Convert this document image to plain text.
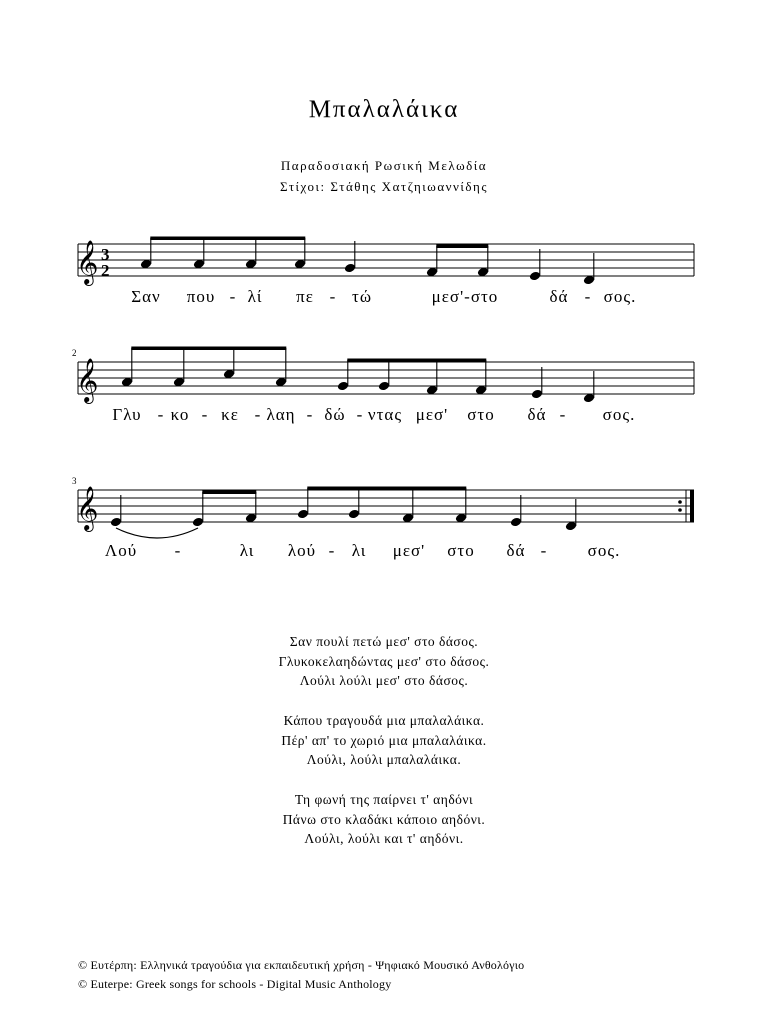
Μπαλαλάικα
Παραδοσιακή Ρωσική Μελωδία
Στίχοι: Στάθης Χατζηιωαννίδης
𝄞 3
2
Σαν που - λί πε - τώ	μεσ'-στο	δά - σος.
2
𝄞
Γλυ - κο - κε - λαη - δώ - ντας μεσ' στο δά - σος.
3
𝄞
Λού -	λι λού - λι μεσ' στο δά - σος.
Σαν πουλί πετώ μεσ' στο δάσος.
Γλυκοκελαηδώντας μεσ' στο δάσος.
Λούλι λούλι μεσ' στο δάσος.
Κάπου τραγουδά μια μπαλαλάικα.
Πέρ' απ' το χωριό μια μπαλαλάικα.
Λούλι, λούλι μπαλαλάικα.
Τη φωνή της παίρνει τ' αηδόνι
Πάνω στο κλαδάκι κάποιο αηδόνι.
Λούλι, λούλι και τ' αηδόνι.
© Ευτέρπη: Ελληνικά τραγούδια για εκπαιδευτική χρήση - Ψηφιακό Μουσικό Ανθολόγιο
© Euterpe: Greek songs for schools - Digital Music Anthology
